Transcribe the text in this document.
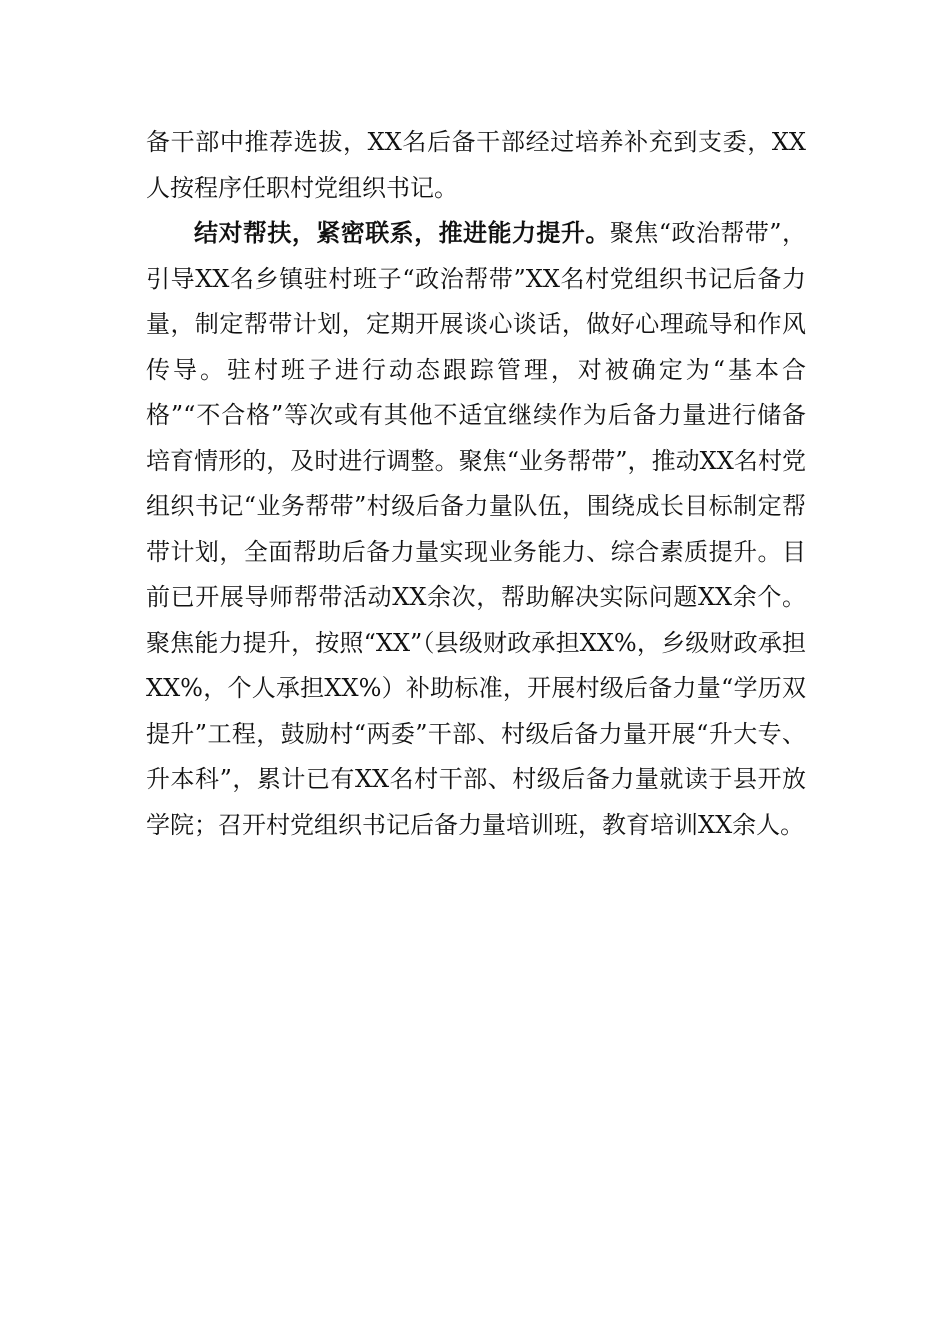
备干部中推荐选拔，XX名后备干部经过培养补充到支委，XX人按程序任职村党组织书记。

结对帮扶，紧密联系，推进能力提升。聚焦“政治帮带”，引导XX名乡镇驻村班子“政治帮带”XX名村党组织书记后备力量，制定帮带计划，定期开展谈心谈话，做好心理疏导和作风传导。驻村班子进行动态跟踪管理，对被确定为“基本合格”“不合格”等次或有其他不适宜继续作为后备力量进行储备培育情形的，及时进行调整。聚焦“业务帮带”，推动XX名村党组织书记“业务帮带”村级后备力量队伍，围绕成长目标制定帮带计划，全面帮助后备力量实现业务能力、综合素质提升。目前已开展导师帮带活动XX余次，帮助解决实际问题XX余个。聚焦能力提升，按照“XX”（县级财政承担XX%，乡级财政承担XX%，个人承担XX%）补助标准，开展村级后备力量“学历双提升”工程，鼓励村“两委”干部、村级后备力量开展“升大专、升本科”，累计已有XX名村干部、村级后备力量就读于县开放学院；召开村党组织书记后备力量培训班，教育培训XX余人。
